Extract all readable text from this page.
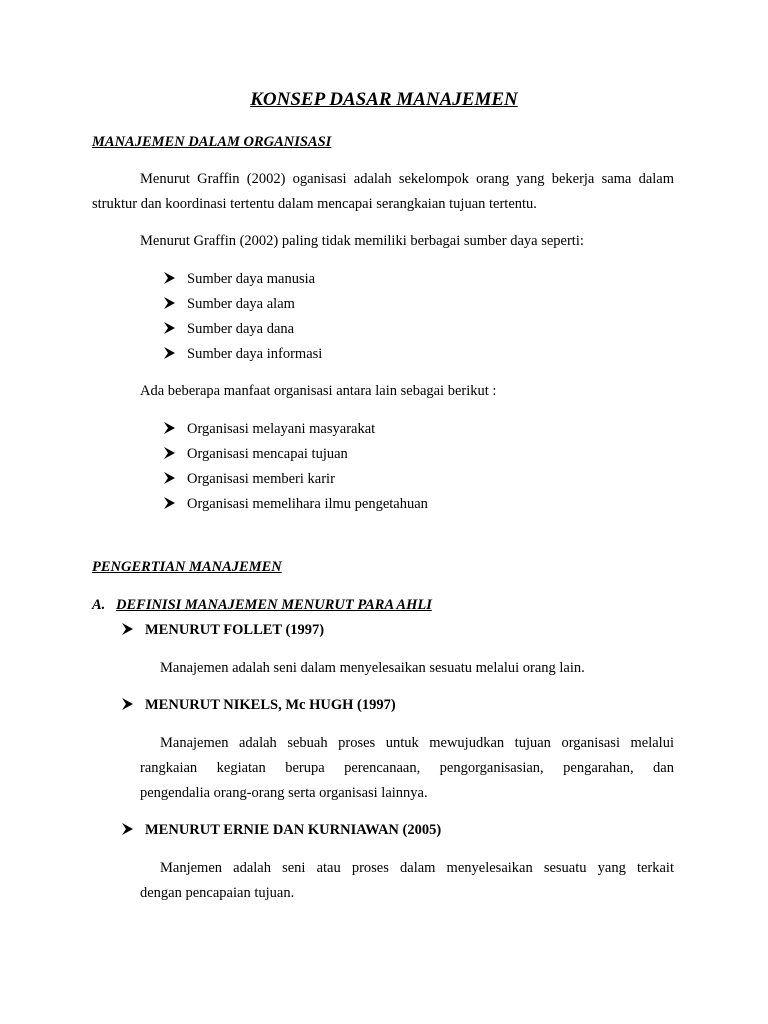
KONSEP DASAR MANAJEMEN
MANAJEMEN DALAM ORGANISASI
Menurut Graffin (2002) oganisasi adalah sekelompok orang yang bekerja sama dalam
struktur dan koordinasi tertentu dalam mencapai serangkaian tujuan tertentu.
Menurut Graffin (2002) paling tidak memiliki berbagai sumber daya seperti:
Sumber daya manusia
Sumber daya alam
Sumber daya dana
Sumber daya informasi
Ada beberapa manfaat organisasi antara lain sebagai berikut :
Organisasi melayani masyarakat
Organisasi mencapai tujuan
Organisasi memberi karir
Organisasi memelihara ilmu pengetahuan
PENGERTIAN MANAJEMEN
A. DEFINISI MANAJEMEN MENURUT PARA AHLI
MENURUT FOLLET (1997)
Manajemen adalah seni dalam menyelesaikan sesuatu melalui orang lain.
MENURUT NIKELS, Mc HUGH (1997)
Manajemen adalah sebuah proses untuk mewujudkan tujuan organisasi melalui
rangkaian kegiatan berupa perencanaan, pengorganisasian, pengarahan, dan
pengendalia orang-orang serta organisasi lainnya.
MENURUT ERNIE DAN KURNIAWAN (2005)
Manjemen adalah seni atau proses dalam menyelesaikan sesuatu yang terkait
dengan pencapaian tujuan.
